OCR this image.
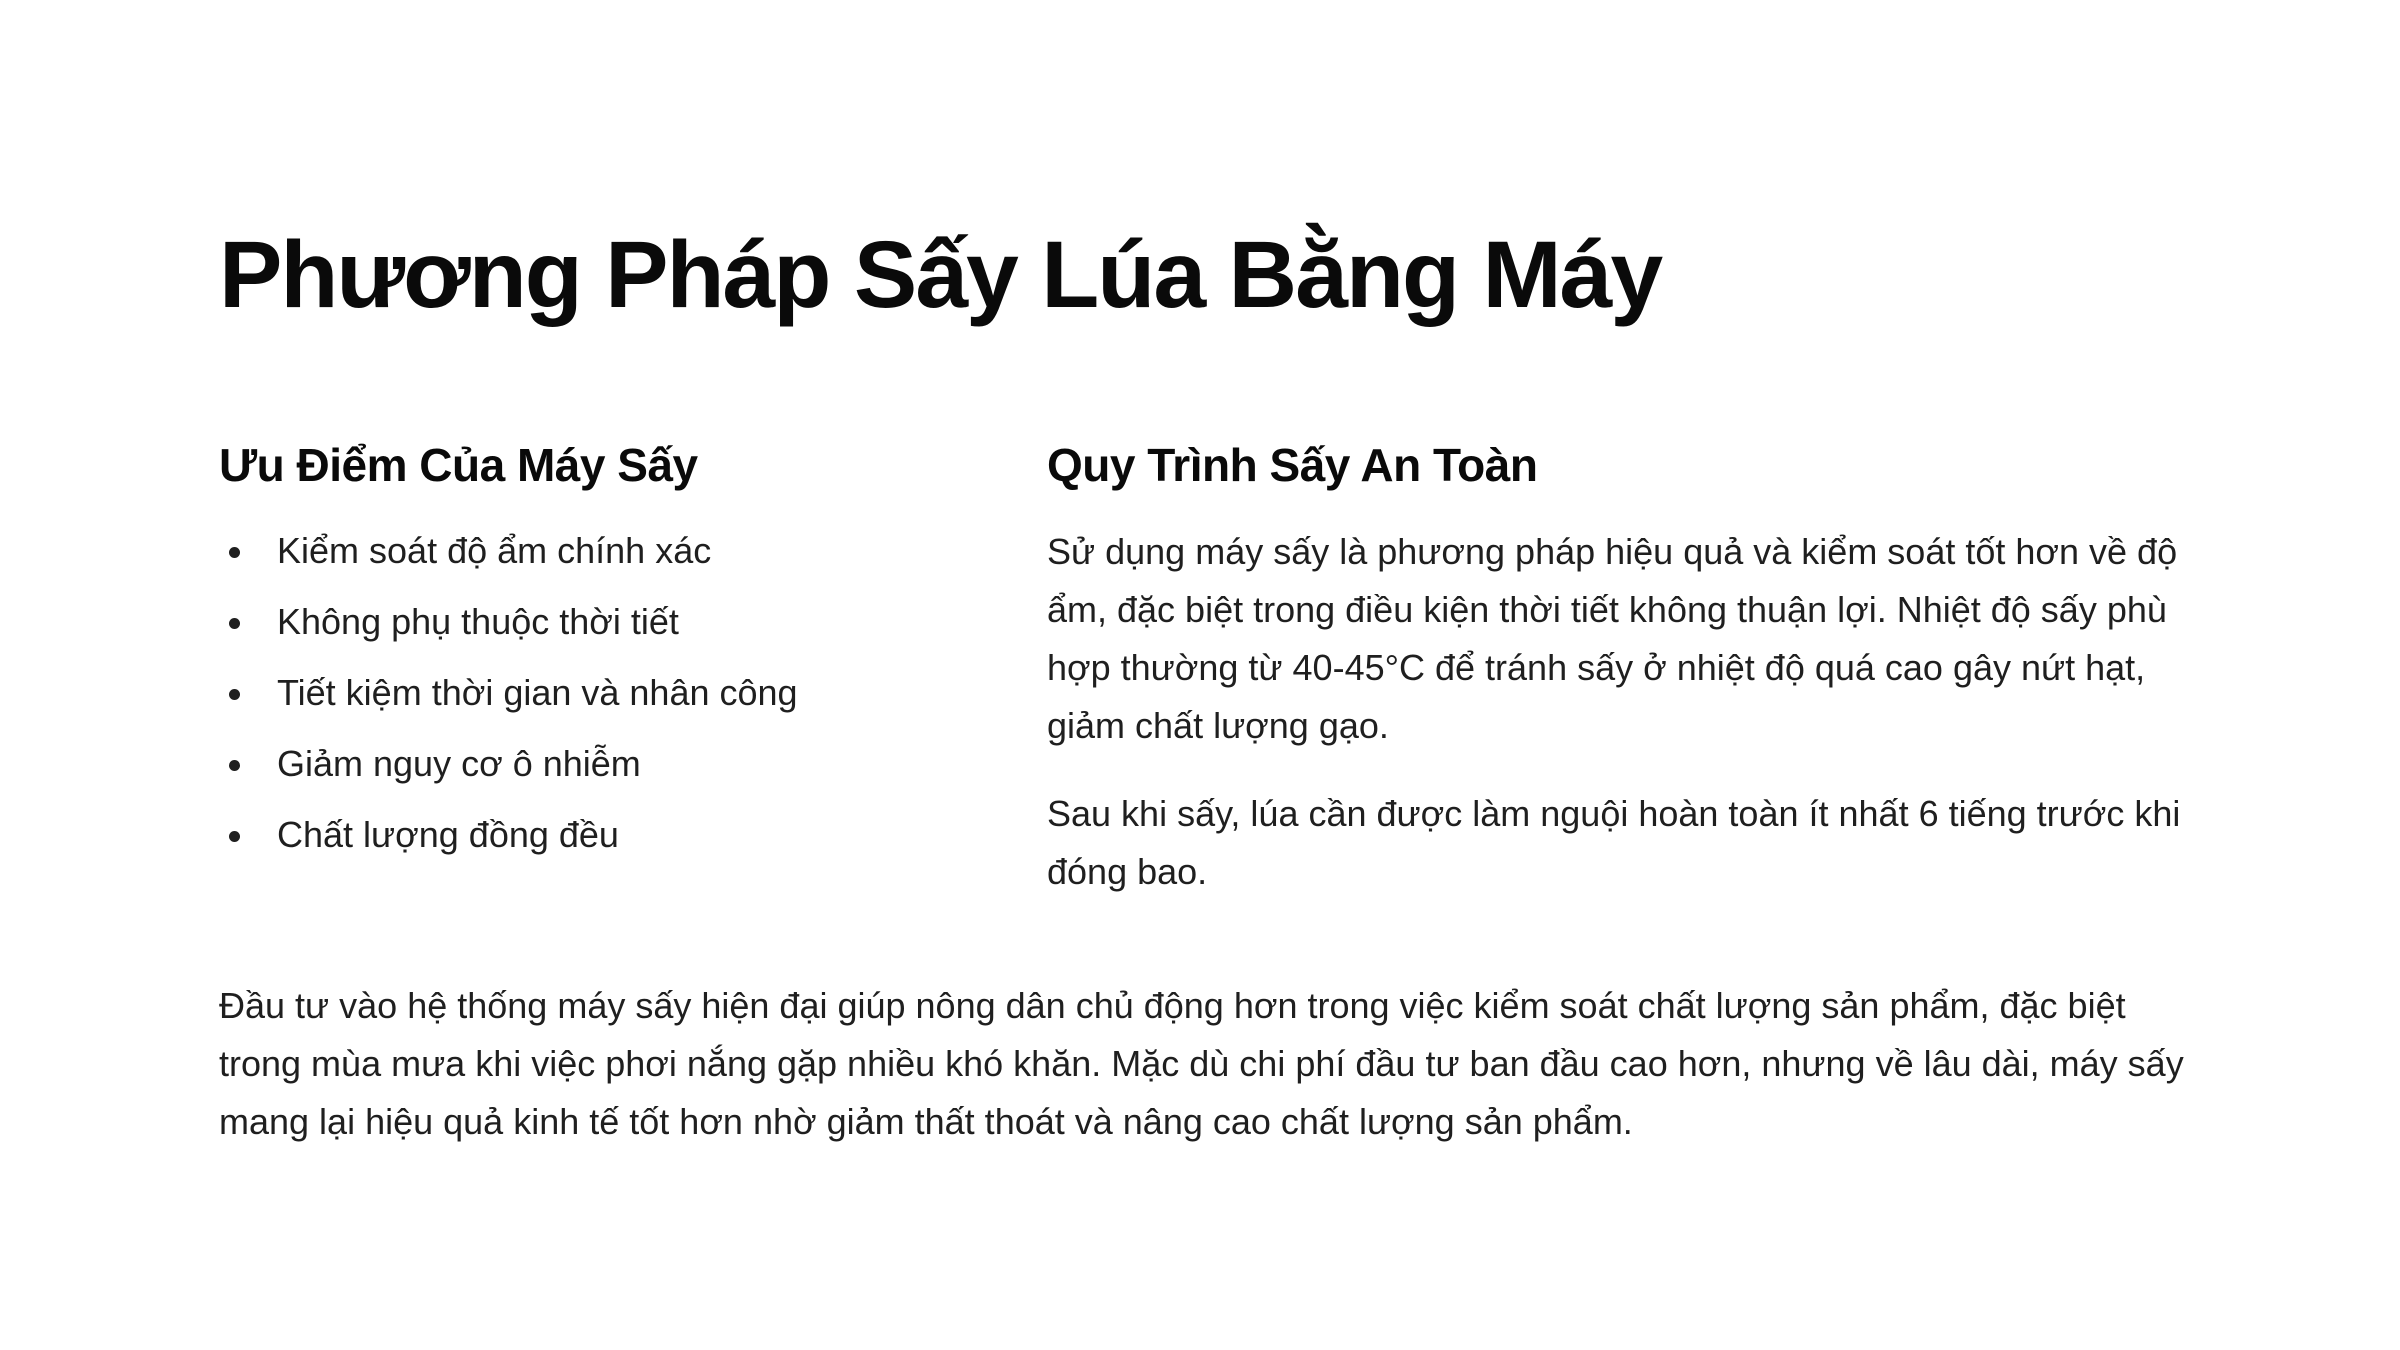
Phương Pháp Sấy Lúa Bằng Máy
Ưu Điểm Của Máy Sấy
Kiểm soát độ ẩm chính xác
Không phụ thuộc thời tiết
Tiết kiệm thời gian và nhân công
Giảm nguy cơ ô nhiễm
Chất lượng đồng đều
Quy Trình Sấy An Toàn

Sử dụng máy sấy là phương pháp hiệu quả và kiểm soát tốt hơn về độ ẩm, đặc biệt trong điều kiện thời tiết không thuận lợi. Nhiệt độ sấy phù hợp thường từ 40-45°C để tránh sấy ở nhiệt độ quá cao gây nứt hạt, giảm chất lượng gạo.

Sau khi sấy, lúa cần được làm nguội hoàn toàn ít nhất 6 tiếng trước khi đóng bao.

Đầu tư vào hệ thống máy sấy hiện đại giúp nông dân chủ động hơn trong việc kiểm soát chất lượng sản phẩm, đặc biệt trong mùa mưa khi việc phơi nắng gặp nhiều khó khăn. Mặc dù chi phí đầu tư ban đầu cao hơn, nhưng về lâu dài, máy sấy mang lại hiệu quả kinh tế tốt hơn nhờ giảm thất thoát và nâng cao chất lượng sản phẩm.
